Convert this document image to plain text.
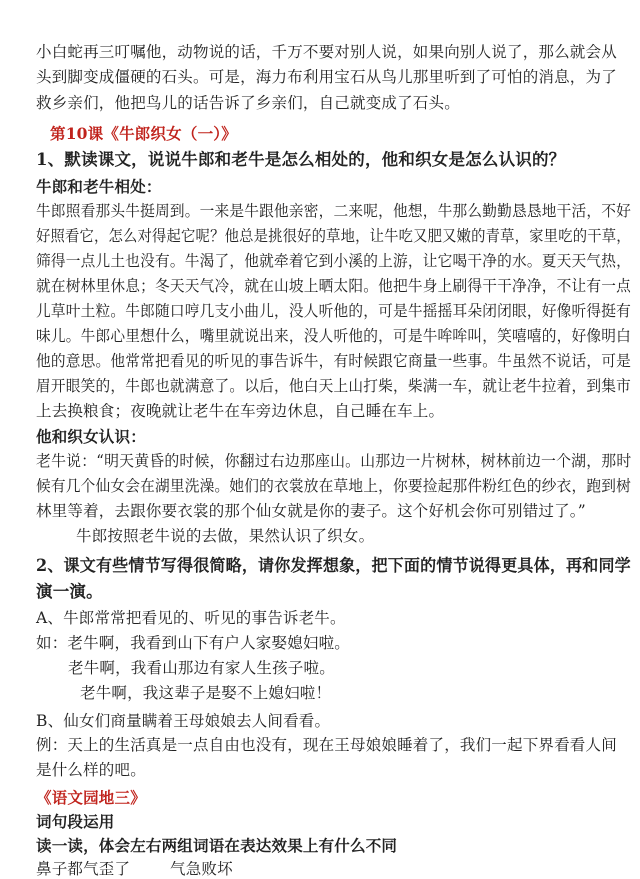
小白蛇再三叮嘱他，动物说的话，千万不要对别人说，如果向别人说了，那么就会从
头到脚变成僵硬的石头。可是，海力布利用宝石从鸟儿那里听到了可怕的消息，为了
救乡亲们，他把鸟儿的话告诉了乡亲们，自己就变成了石头。
第10课《牛郎织女（一）》
1、默读课文，说说牛郎和老牛是怎么相处的，他和织女是怎么认识的？
牛郎和老牛相处：
牛郎照看那头牛挺周到。一来是牛跟他亲密，二来呢，他想，牛那么勤勤恳恳地干活，不好
好照看它，怎么对得起它呢？他总是挑很好的草地，让牛吃又肥又嫩的青草，家里吃的干草，
筛得一点儿土也没有。牛渴了，他就牵着它到小溪的上游，让它喝干净的水。夏天天气热，
就在树林里休息；冬天天气冷，就在山坡上晒太阳。他把牛身上刷得干干净净，不让有一点
儿草叶土粒。牛郎随口哼几支小曲儿，没人听他的，可是牛摇摇耳朵闭闭眼，好像听得挺有
味儿。牛郎心里想什么，嘴里就说出来，没人听他的，可是牛哞哞叫，笑嘻嘻的，好像明白
他的意思。他常常把看见的听见的事告诉牛，有时候跟它商量一些事。牛虽然不说话，可是
眉开眼笑的，牛郎也就满意了。以后，他白天上山打柴，柴满一车，就让老牛拉着，到集市
上去换粮食；夜晚就让老牛在车旁边休息，自己睡在车上。
他和织女认识：
老牛说：“明天黄昏的时候，你翻过右边那座山。山那边一片树林，树林前边一个湖，那时
候有几个仙女会在湖里洗澡。她们的衣裳放在草地上，你要捡起那件粉红色的纱衣，跑到树
林里等着，去跟你要衣裳的那个仙女就是你的妻子。这个好机会你可别错过了。”
牛郎按照老牛说的去做，果然认识了织女。
2、课文有些情节写得很简略，请你发挥想象，把下面的情节说得更具体，再和同学
演一演。
A、牛郎常常把看见的、听见的事告诉老牛。
如：老牛啊，我看到山下有户人家娶媳妇啦。
老牛啊，我看山那边有家人生孩子啦。
老牛啊，我这辈子是娶不上媳妇啦！
B、仙女们商量瞒着王母娘娘去人间看看。
例：天上的生活真是一点自由也没有，现在王母娘娘睡着了，我们一起下界看看人间
是什么样的吧。
《语文园地三》
词句段运用
读一读，体会左右两组词语在表达效果上有什么不同
鼻子都气歪了	气急败坏
